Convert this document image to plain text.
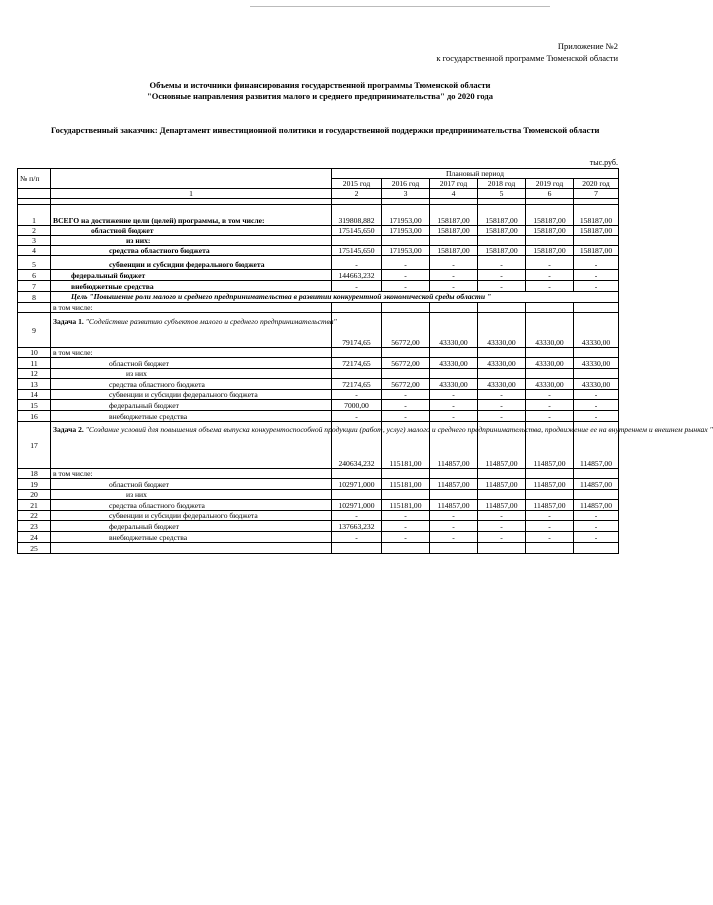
Приложение №2
к государственной программе Тюменской области
Объемы и источники финансирования государственной программы Тюменской области
"Основные направления развития малого и среднего предпринимательства" до 2020 года
Государственный заказчик: Департамент инвестиционной политики и государственной поддержки предпринимательства Тюменской области
тыс.руб.
№ п/п		Плановый период					
		2015 год	2016 год	2017 год	2018 год	2019 год	2020 год
	1	2	3	4	5	6	7

1	ВСЕГО на достижение цели (целей) программы, в том числе:	319808,882	171953,00	158187,00	158187,00	158187,00	158187,00
2	областной бюджет	175145,650	171953,00	158187,00	158187,00	158187,00	158187,00
3	из них:						
4	средства областного бюджета	175145,650	171953,00	158187,00	158187,00	158187,00	158187,00
5	субвенции и субсидии федерального бюджета	-	-	-	-	-	-
6	федеральный бюджет	144663,232	-	-	-	-	-
7	внебюджетные средства	-	-	-	-	-	-
8	Цель "Повышение роли малого и среднего предпринимательства в развитии конкурентной экономической среды области "						
	в том числе:						
9	Задача 1. "Содействие развитию субъектов малого и среднего предпринимательства"	79174,65	56772,00	43330,00	43330,00	43330,00	43330,00
10	в том числе:						
11	областной бюджет	72174,65	56772,00	43330,00	43330,00	43330,00	43330,00
12	из них						
13	средства областного бюджета	72174,65	56772,00	43330,00	43330,00	43330,00	43330,00
14	субвенции и субсидии федерального бюджета	-	-	-	-	-	-
15	федеральный бюджет	7000,00	-	-	-	-	-
16	внебюджетные средства	-	-	-	-	-	-
17	Задача 2. "Создание условий для повышения объема выпуска конкурентоспособной продукции (работ, услуг) малого и среднего предпринимательства, продвижение ее на внутреннем и внешнем рынках "	240634,232	115181,00	114857,00	114857,00	114857,00	114857,00
18	в том числе:						
19	областной бюджет	102971,000	115181,00	114857,00	114857,00	114857,00	114857,00
20	из них						
21	средства областного бюджета	102971,000	115181,00	114857,00	114857,00	114857,00	114857,00
22	субвенции и субсидии федерального бюджета	-	-	-	-	-	-
23	федеральный бюджет	137663,232	-	-	-	-	-
24	внебюджетные средства	-	-	-	-	-	-
25							
